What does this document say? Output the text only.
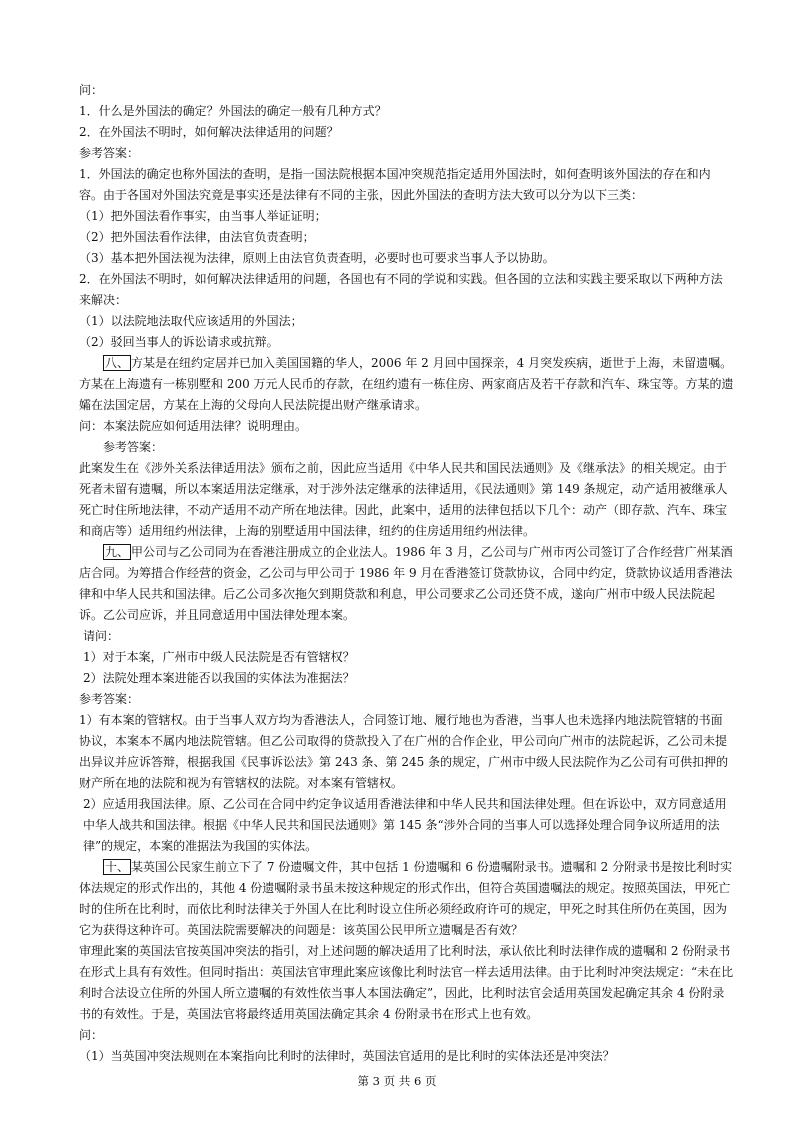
问：

1．什么是外国法的确定？外国法的确定一般有几种方式？

2．在外国法不明时，如何解决法律适用的问题？

参考答案：

1．外国法的确定也称外国法的查明，是指一国法院根据本国冲突规范指定适用外国法时，如何查明该外国法的存在和内容。由于各国对外国法究竟是事实还是法律有不同的主张，因此外国法的查明方法大致可以分为以下三类：

（1）把外国法看作事实，由当事人举证证明；

（2）把外国法看作法律，由法官负责查明；

（3）基本把外国法视为法律，原则上由法官负责查明，必要时也可要求当事人予以协助。

2．在外国法不明时，如何解决法律适用的问题，各国也有不同的学说和实践。但各国的立法和实践主要采取以下两种方法来解决：

（1）以法院地法取代应该适用的外国法；

（2）驳回当事人的诉讼请求或抗辩。

八、 方某是在纽约定居并已加入美国国籍的华人，2006 年 2 月回中国探亲，4 月突发疾病，逝世于上海，未留遗嘱。方某在上海遗有一栋别墅和 200 万元人民币的存款，在纽约遗有一栋住房、两家商店及若干存款和汽车、珠宝等。方某的遗孀在法国定居，方某在上海的父母向人民法院提出财产继承请求。

问：本案法院应如何适用法律？说明理由。

参考答案：

此案发生在《涉外关系法律适用法》颁布之前，因此应当适用《中华人民共和国民法通则》及《继承法》的相关规定。由于死者未留有遗嘱，所以本案适用法定继承，对于涉外法定继承的法律适用，《民法通则》第 149 条规定，动产适用被继承人死亡时住所地法律，不动产适用不动产所在地法律。因此，此案中，适用的法律包括以下几个：动产（即存款、汽车、珠宝和商店等）适用纽约州法律，上海的别墅适用中国法律，纽约的住房适用纽约州法律。

九、 甲公司与乙公司同为在香港注册成立的企业法人。1986 年 3 月，乙公司与广州市丙公司签订了合作经营广州某酒店合同。为筹措合作经营的资金，乙公司与甲公司于 1986 年 9 月在香港签订贷款协议，合同中约定，贷款协议适用香港法律和中华人民共和国法律。后乙公司多次拖欠到期贷款和利息，甲公司要求乙公司还贷不成，遂向广州市中级人民法院起诉。乙公司应诉，并且同意适用中国法律处理本案。

请问：

1）对于本案，广州市中级人民法院是否有管辖权？

2）法院处理本案进能否以我国的实体法为准据法？

参考答案：

1）有本案的管辖权。由于当事人双方均为香港法人，合同签订地、履行地也为香港，当事人也未选择内地法院管辖的书面协议，本案本不属内地法院管辖。但乙公司取得的贷款投入了在广州的合作企业，甲公司向广州市的法院起诉，乙公司未提出异议并应诉答辩，根据我国《民事诉讼法》第 243 条、第 245 条的规定，广州市中级人民法院作为乙公司有可供扣押的财产所在地的法院和视为有管辖权的法院。对本案有管辖权。

2）应适用我国法律。原、乙公司在合同中约定争议适用香港法律和中华人民共和国法律处理。但在诉讼中，双方同意适用中华人战共和国法律。根据《中华人民共和国民法通则》第 145 条“涉外合同的当事人可以选择处理合同争议所适用的法律”的规定，本案的准据法为我国的实体法。

十、 某英国公民家生前立下了 7 份遗嘱文件，其中包括 1 份遗嘱和 6 份遗嘱附录书。遗嘱和 2 分附录书是按比利时实体法规定的形式作出的，其他 4 份遗嘱附录书虽未按这种规定的形式作出，但符合英国遗嘱法的规定。按照英国法，甲死亡时的住所在比利时，而依比利时法律关于外国人在比利时设立住所必须经政府许可的规定，甲死之时其住所仍在英国，因为它为获得这种许可。英国法院需要解决的问题是：该英国公民甲所立遗嘱是否有效？

审理此案的英国法官按英国冲突法的指引，对上述问题的解决适用了比利时法，承认依比利时法律作成的遗嘱和 2 份附录书在形式上具有有效性。但同时指出：英国法官审理此案应该像比利时法官一样去适用法律。由于比利时冲突法规定：“未在比利时合法设立住所的外国人所立遗嘱的有效性依当事人本国法确定”，因此，比利时法官会适用英国发起确定其余 4 份附录书的有效性。于是，英国法官将最终适用英国法确定其余 4 份附录书在形式上也有效。

问：

（1）当英国冲突法规则在本案指向比利时的法律时，英国法官适用的是比利时的实体法还是冲突法？

第 3 页 共 6 页
